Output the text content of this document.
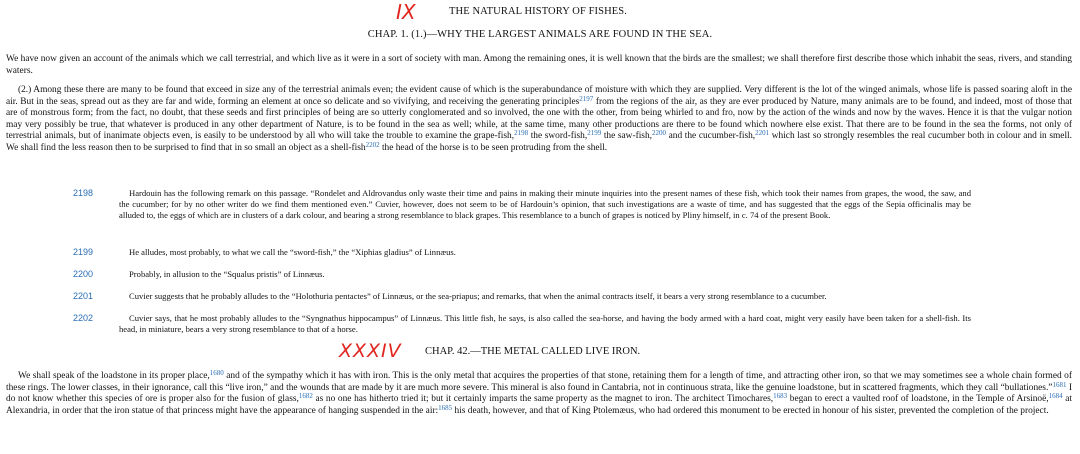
IX	THE NATURAL HISTORY OF FISHES.
CHAP. 1. (1.)—WHY THE LARGEST ANIMALS ARE FOUND IN THE SEA.

We have now given an account of the animals which we call terrestrial, and which live as it were in a sort of society with man. Among the remaining ones, it is well known that the birds are the smallest; we shall therefore first describe those which inhabit the seas, rivers, and standing waters.

(2.) Among these there are many to be found that exceed in size any of the terrestrial animals even; the evident cause of which is the superabundance of moisture with which they are supplied. Very different is the lot of the winged animals, whose life is passed soaring aloft in the air. But in the seas, spread out as they are far and wide, forming an element at once so delicate and so vivifying, and receiving the generating principles$^{2197}$ from the regions of the air, as they are ever produced by Nature, many animals are to be found, and indeed, most of those that are of monstrous form; from the fact, no doubt, that these seeds and first principles of being are so utterly conglomerated and so involved, the one with the other, from being whirled to and fro, now by the action of the winds and now by the waves. Hence it is that the vulgar notion may very possibly be true, that whatever is produced in any other department of Nature, is to be found in the sea as well; while, at the same time, many other productions are there to be found which nowhere else exist. That there are to be found in the sea the forms, not only of terrestrial animals, but of inanimate objects even, is easily to be understood by all who will take the trouble to examine the grape-fish,$^{2198}$ the sword-fish,$^{2199}$ the saw-fish,$^{2200}$ and the cucumber-fish,$^{2201}$ which last so strongly resembles the real cucumber both in colour and in smell. We shall find the less reason then to be surprised to find that in so small an object as a shell-fish$^{2202}$ the head of the horse is to be seen protruding from the shell.

2198	Hardouin has the following remark on this passage. “Rondelet and Aldrovandus only waste their time and pains in making their minute inquiries into the present names of these fish, which took their names from grapes, the wood, the saw, and the cucumber; for by no other writer do we find them mentioned even.” Cuvier, however, does not seem to be of Hardouin’s opinion, that such investigations are a waste of time, and has suggested that the eggs of the Sepia officinalis may be alluded to, the eggs of which are in clusters of a dark colour, and bearing a strong resemblance to black grapes. This resemblance to a bunch of grapes is noticed by Pliny himself, in c. 74 of the present Book.
2199	He alludes, most probably, to what we call the “sword-fish,” the “Xiphias gladius” of Linnæus.
2200	Probably, in allusion to the “Squalus pristis” of Linnæus.
2201	Cuvier suggests that he probably alludes to the “Holothuria pentactes” of Linnæus, or the sea-priapus; and remarks, that when the animal contracts itself, it bears a very strong resemblance to a cucumber.
2202	Cuvier says, that he most probably alludes to the “Syngnathus hippocampus” of Linnæus. This little fish, he says, is also called the sea-horse, and having the body armed with a hard coat, might very easily have been taken for a shell-fish. Its head, in miniature, bears a very strong resemblance to that of a horse.
XXXIV CHAP. 42.—THE METAL CALLED LIVE IRON.

We shall speak of the loadstone in its proper place,$^{1680}$ and of the sympathy which it has with iron. This is the only metal that acquires the properties of that stone, retaining them for a length of time, and attracting other iron, so that we may sometimes see a whole chain formed of these rings. The lower classes, in their ignorance, call this “live iron,” and the wounds that are made by it are much more severe. This mineral is also found in Cantabria, not in continuous strata, like the genuine loadstone, but in scattered fragments, which they call “bullationes.”$^{1681}$ I do not know whether this species of ore is proper also for the fusion of glass,$^{1682}$ as no one has hitherto tried it; but it certainly imparts the same property as the magnet to iron. The architect Timochares,$^{1683}$ began to erect a vaulted roof of loadstone, in the Temple of Arsinoë,$^{1684}$ at Alexandria, in order that the iron statue of that princess might have the appearance of hanging suspended in the air:$^{1685}$ his death, however, and that of King Ptolemæus, who had ordered this monument to be erected in honour of his sister, prevented the completion of the project.
